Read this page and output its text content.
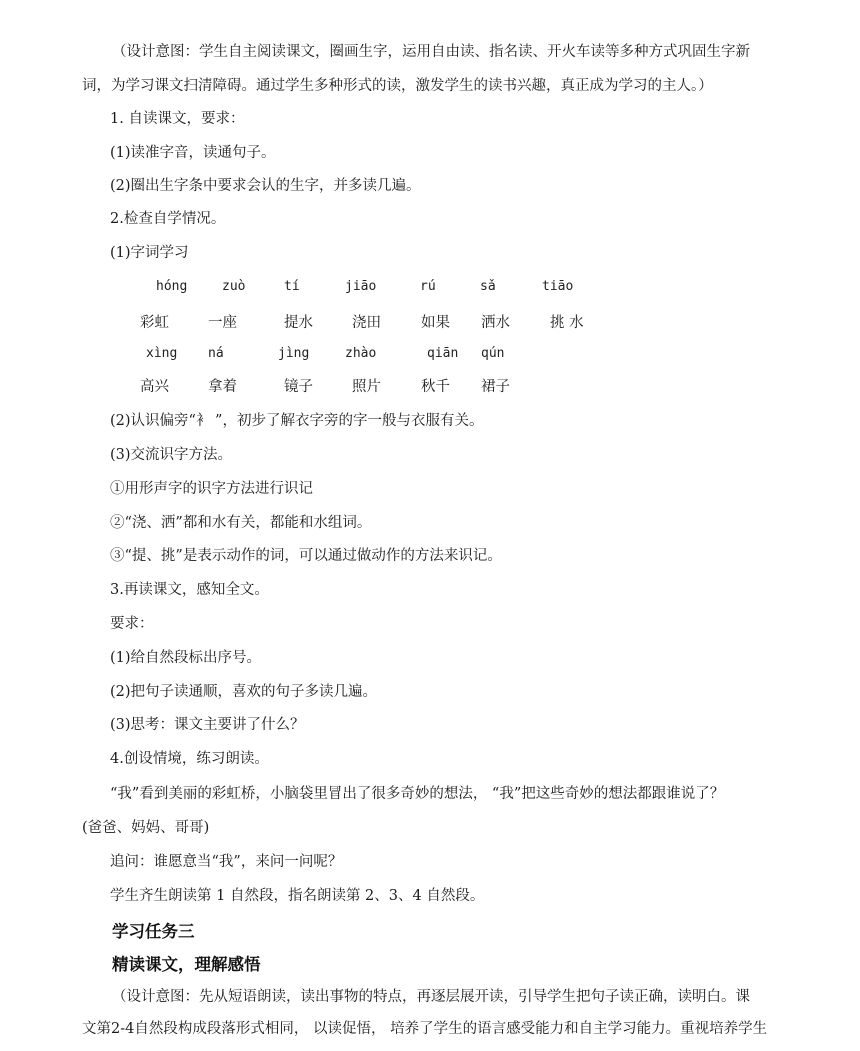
（设计意图：学生自主阅读课文，圈画生字，运用自由读、指名读、开火车读等多种方式巩固生字新
词，为学习课文扫清障碍。通过学生多种形式的读，激发学生的读书兴趣，真正成为学习的主人。）
1. 自读课文，要求：
(1)读准字音，读通句子。
(2)圈出生字条中要求会认的生字，并多读几遍。
2.检查自学情况。
(1)字词学习
hóng	zuò	tí	jiāo	rú	sǎ	tiāo
彩虹	一座	提水	浇田	如果 洒水	挑 水
xìng ná	jìng	zhào	qiān qún
高兴	拿着	镜子	照片	秋千 裙子
(2)认识偏旁“衤 ”，初步了解衣字旁的字一般与衣服有关。
(3)交流识字方法。
①用形声字的识字方法进行识记
②“浇、洒”都和水有关，都能和水组词。
③“提、挑”是表示动作的词，可以通过做动作的方法来识记。
3.再读课文，感知全文。
要求：
(1)给自然段标出序号。
(2)把句子读通顺，喜欢的句子多读几遍。
(3)思考：课文主要讲了什么？
4.创设情境，练习朗读。
“我”看到美丽的彩虹桥，小脑袋里冒出了很多奇妙的想法， “我”把这些奇妙的想法都跟谁说了？
(爸爸、妈妈、哥哥)
追问：谁愿意当“我”，来问一问呢？
学生齐生朗读第 1 自然段，指名朗读第 2、3、4 自然段。
学习任务三
精读课文，理解感悟
（设计意图：先从短语朗读，读出事物的特点，再逐层展开读，引导学生把句子读正确，读明白。课
文第2-4自然段构成段落形式相同， 以读促悟， 培养了学生的语言感受能力和自主学习能力。重视培养学生
